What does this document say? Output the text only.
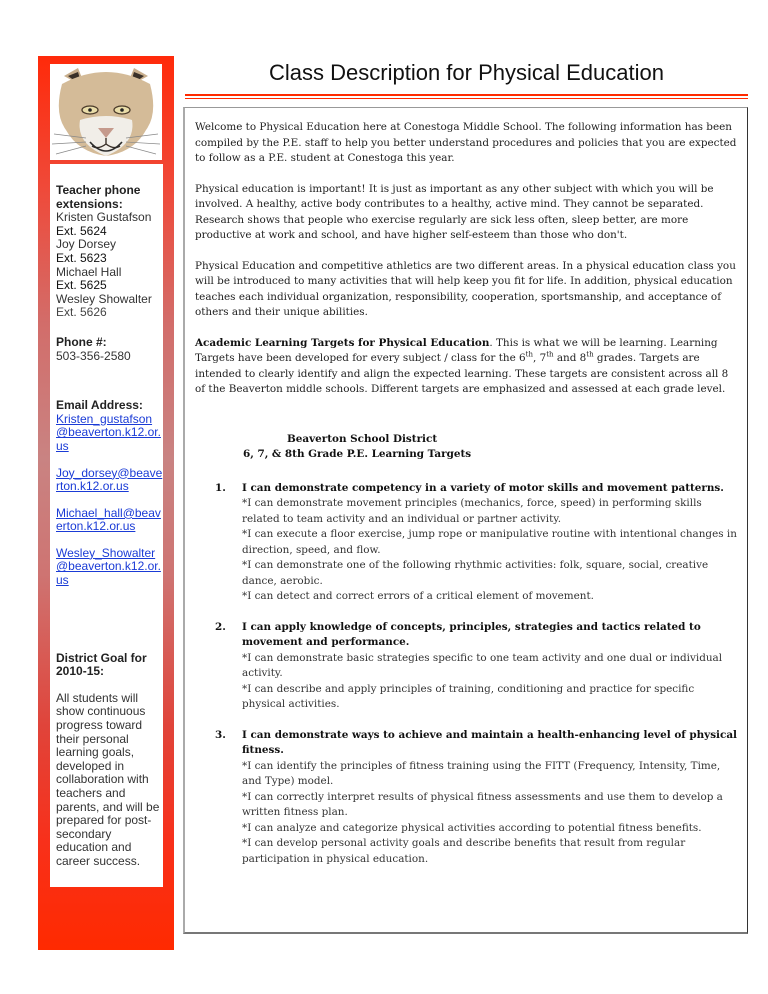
Teacher phone extensions:
Kristen Gustafson
Ext. 5624
Joy Dorsey
Ext. 5623
Michael Hall
Ext. 5625
Wesley Showalter
Ext. 5626
Phone #:
503-356-2580
Email Address:
Kristen_gustafson@beaverton.k12.or.us
Joy_dorsey@beaverton.k12.or.us
Michael_hall@beaverton.k12.or.us
Wesley_Showalter@beaverton.k12.or.us
District Goal for 2010-15:
All students will show continuous progress toward their personal learning goals, developed in collaboration with teachers and parents, and will be prepared for post-secondary education and career success.
Class Description for Physical Education

Welcome to Physical Education here at Conestoga Middle School. The following information has been compiled by the P.E. staff to help you better understand procedures and policies that you are expected to follow as a P.E. student at Conestoga this year.

Physical education is important! It is just as important as any other subject with which you will be involved. A healthy, active body contributes to a healthy, active mind. They cannot be separated. Research shows that people who exercise regularly are sick less often, sleep better, are more productive at work and school, and have higher self-esteem than those who don't.

Physical Education and competitive athletics are two different areas. In a physical education class you will be introduced to many activities that will help keep you fit for life. In addition, physical education teaches each individual organization, responsibility, cooperation, sportsmanship, and acceptance of others and their unique abilities.

Academic Learning Targets for Physical Education. This is what we will be learning. Learning Targets have been developed for every subject / class for the 6th, 7th and 8th grades. Targets are intended to clearly identify and align the expected learning. These targets are consistent across all 8 of the Beaverton middle schools. Different targets are emphasized and assessed at each grade level.

Beaverton School District
6, 7, & 8th Grade P.E. Learning Targets
1. I can demonstrate competency in a variety of motor skills and movement patterns.
*I can demonstrate movement principles (mechanics, force, speed) in performing skills related to team activity and an individual or partner activity.
*I can execute a floor exercise, jump rope or manipulative routine with intentional changes in direction, speed, and flow.
*I can demonstrate one of the following rhythmic activities: folk, square, social, creative dance, aerobic.
*I can detect and correct errors of a critical element of movement.
2. I can apply knowledge of concepts, principles, strategies and tactics related to movement and performance.
*I can demonstrate basic strategies specific to one team activity and one dual or individual activity.
*I can describe and apply principles of training, conditioning and practice for specific physical activities.
3. I can demonstrate ways to achieve and maintain a health-enhancing level of physical fitness.
*I can identify the principles of fitness training using the FITT (Frequency, Intensity, Time, and Type) model.
*I can correctly interpret results of physical fitness assessments and use them to develop a written fitness plan.
*I can analyze and categorize physical activities according to potential fitness benefits.
*I can develop personal activity goals and describe benefits that result from regular participation in physical education.
